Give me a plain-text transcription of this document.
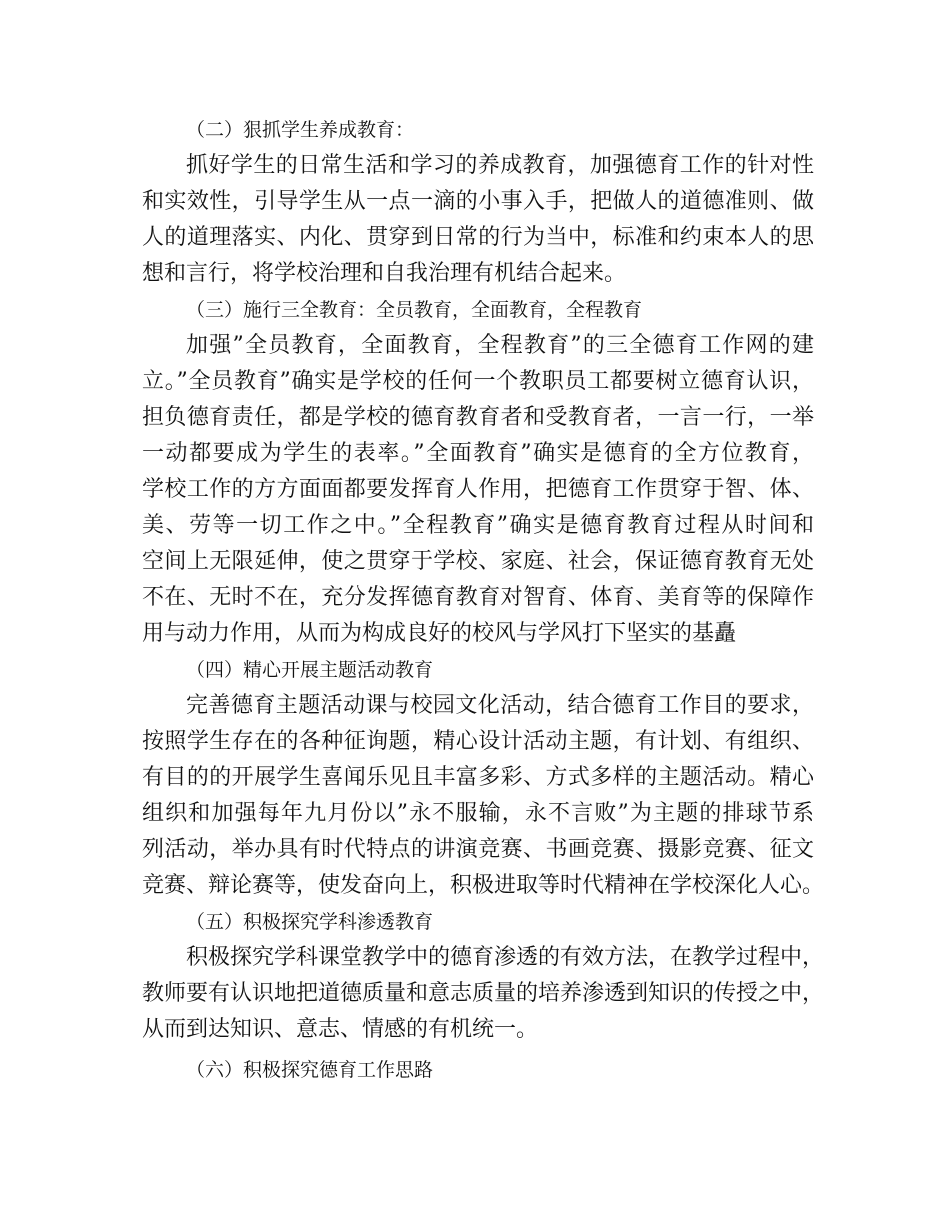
（二）狠抓学生养成教育：

抓好学生的日常生活和学习的养成教育，加强德育工作的针对性
和实效性，引导学生从一点一滴的小事入手，把做人的道德准则、做
人的道理落实、内化、贯穿到日常的行为当中，标准和约束本人的思
想和言行，将学校治理和自我治理有机结合起来。

（三）施行三全教育：全员教育，全面教育，全程教育

加强”全员教育，全面教育，全程教育”的三全德育工作网的建
立。”全员教育”确实是学校的任何一个教职员工都要树立德育认识，
担负德育责任，都是学校的德育教育者和受教育者，一言一行，一举
一动都要成为学生的表率。”全面教育”确实是德育的全方位教育，
学校工作的方方面面都要发挥育人作用，把德育工作贯穿于智、体、
美、劳等一切工作之中。”全程教育”确实是德育教育过程从时间和
空间上无限延伸，使之贯穿于学校、家庭、社会，保证德育教育无处
不在、无时不在，充分发挥德育教育对智育、体育、美育等的保障作
用与动力作用，从而为构成良好的校风与学风打下坚实的基矗

（四）精心开展主题活动教育

完善德育主题活动课与校园文化活动，结合德育工作目的要求，
按照学生存在的各种征询题，精心设计活动主题，有计划、有组织、
有目的的开展学生喜闻乐见且丰富多彩、方式多样的主题活动。精心
组织和加强每年九月份以”永不服输，永不言败”为主题的排球节系
列活动，举办具有时代特点的讲演竞赛、书画竞赛、摄影竞赛、征文
竞赛、辩论赛等，使发奋向上，积极进取等时代精神在学校深化人心。

（五）积极探究学科渗透教育

积极探究学科课堂教学中的德育渗透的有效方法，在教学过程中，
教师要有认识地把道德质量和意志质量的培养渗透到知识的传授之中，
从而到达知识、意志、情感的有机统一。

（六）积极探究德育工作思路
